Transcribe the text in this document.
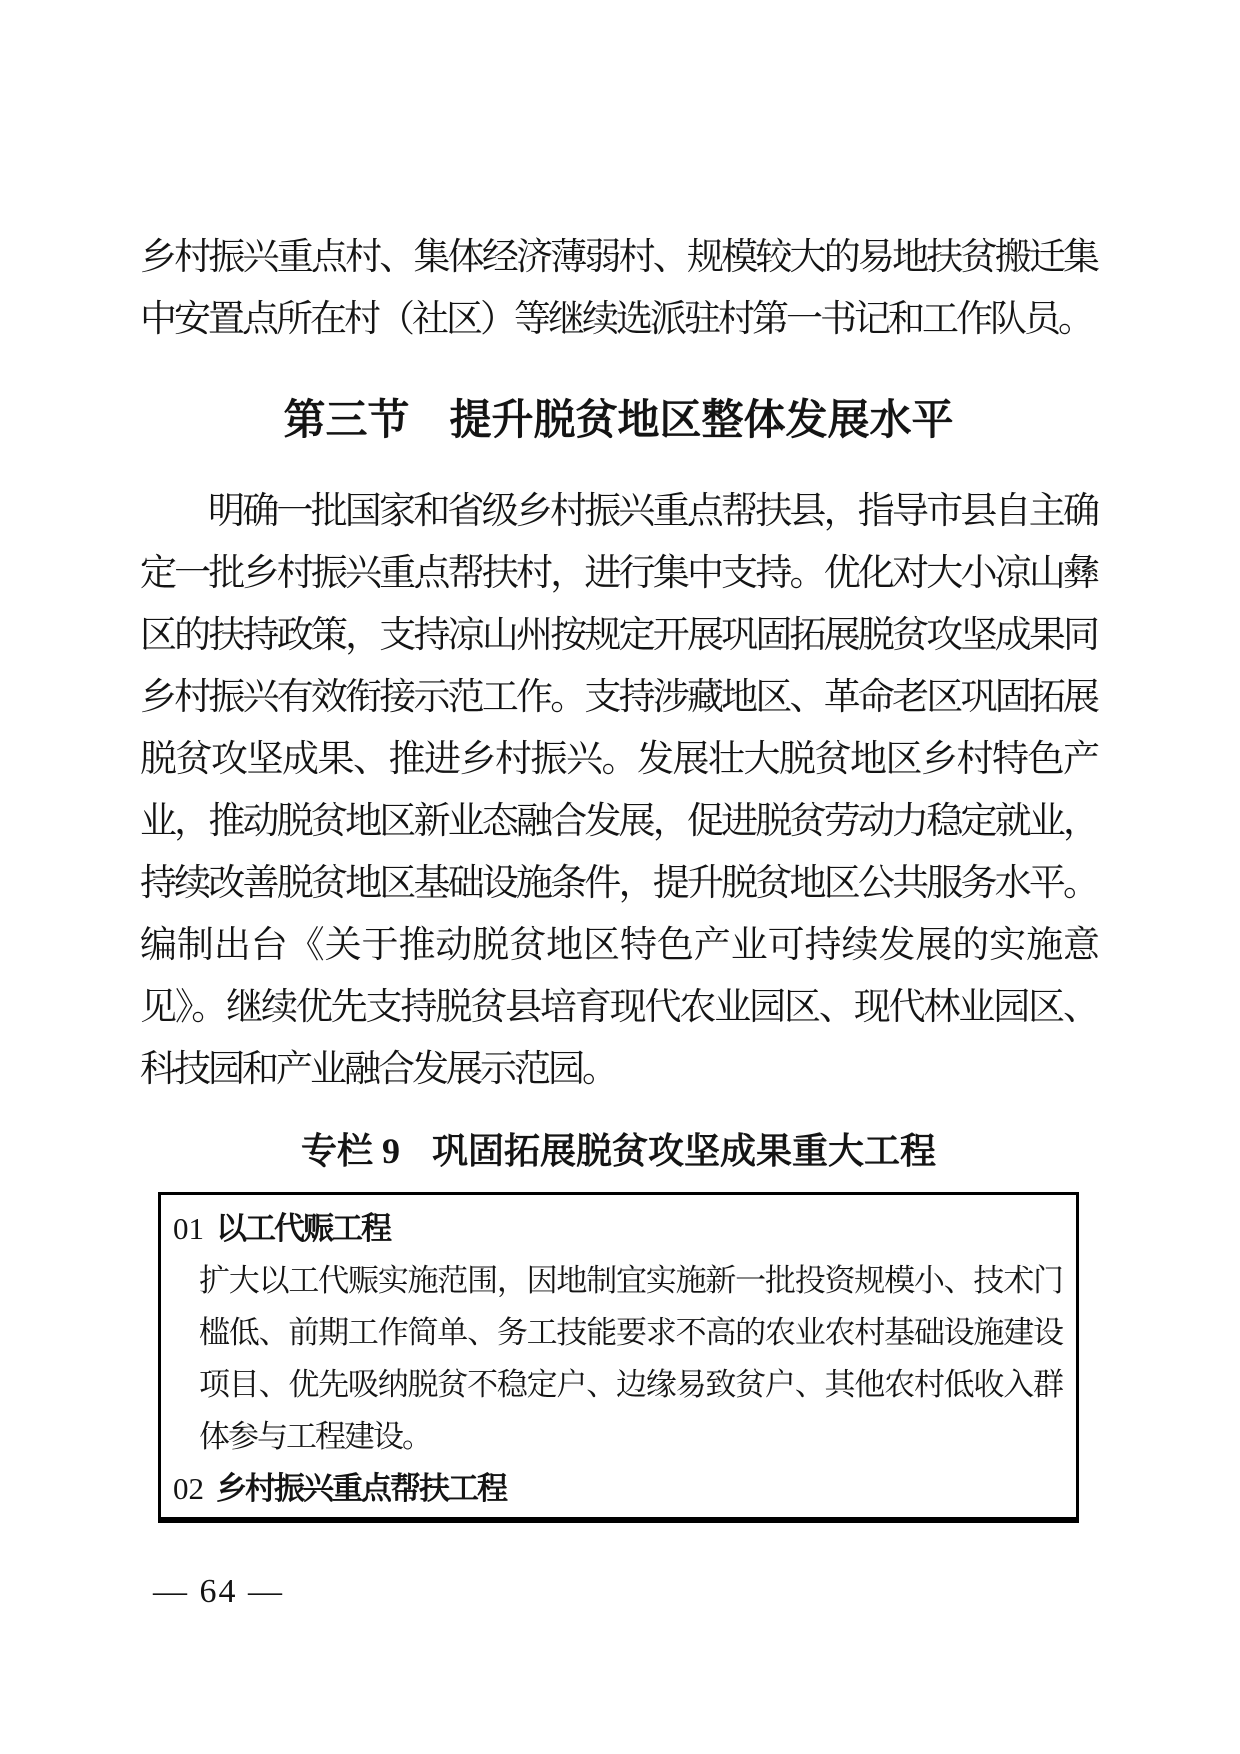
乡村振兴重点村、集体经济薄弱村、规模较大的易地扶贫搬迁集中安置点所在村（社区）等继续选派驻村第一书记和工作队员。

第三节 提升脱贫地区整体发展水平

明确一批国家和省级乡村振兴重点帮扶县，指导市县自主确定一批乡村振兴重点帮扶村，进行集中支持。优化对大小凉山彝区的扶持政策，支持凉山州按规定开展巩固拓展脱贫攻坚成果同乡村振兴有效衔接示范工作。支持涉藏地区、革命老区巩固拓展脱贫攻坚成果、推进乡村振兴。发展壮大脱贫地区乡村特色产业，推动脱贫地区新业态融合发展，促进脱贫劳动力稳定就业，持续改善脱贫地区基础设施条件，提升脱贫地区公共服务水平。编制出台《关于推动脱贫地区特色产业可持续发展的实施意见》。继续优先支持脱贫县培育现代农业园区、现代林业园区、科技园和产业融合发展示范园。

专栏 9 巩固拓展脱贫攻坚成果重大工程

01 以工代赈工程

扩大以工代赈实施范围，因地制宜实施新一批投资规模小、技术门槛低、前期工作简单、务工技能要求不高的农业农村基础设施建设项目、优先吸纳脱贫不稳定户、边缘易致贫户、其他农村低收入群体参与工程建设。

02 乡村振兴重点帮扶工程

— 64 —
